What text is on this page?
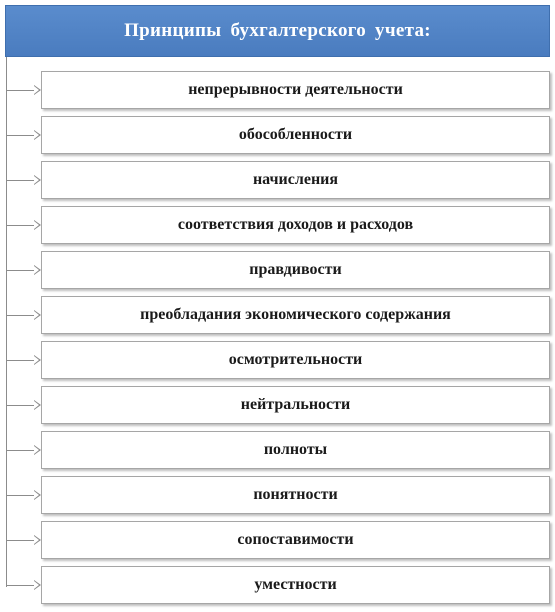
Принципы бухгалтерского учета:
непрерывности деятельности
обособленности
начисления
соответствия доходов и расходов
правдивости
преобладания экономического содержания
осмотрительности
нейтральности
полноты
понятности
сопоставимости
уместности
